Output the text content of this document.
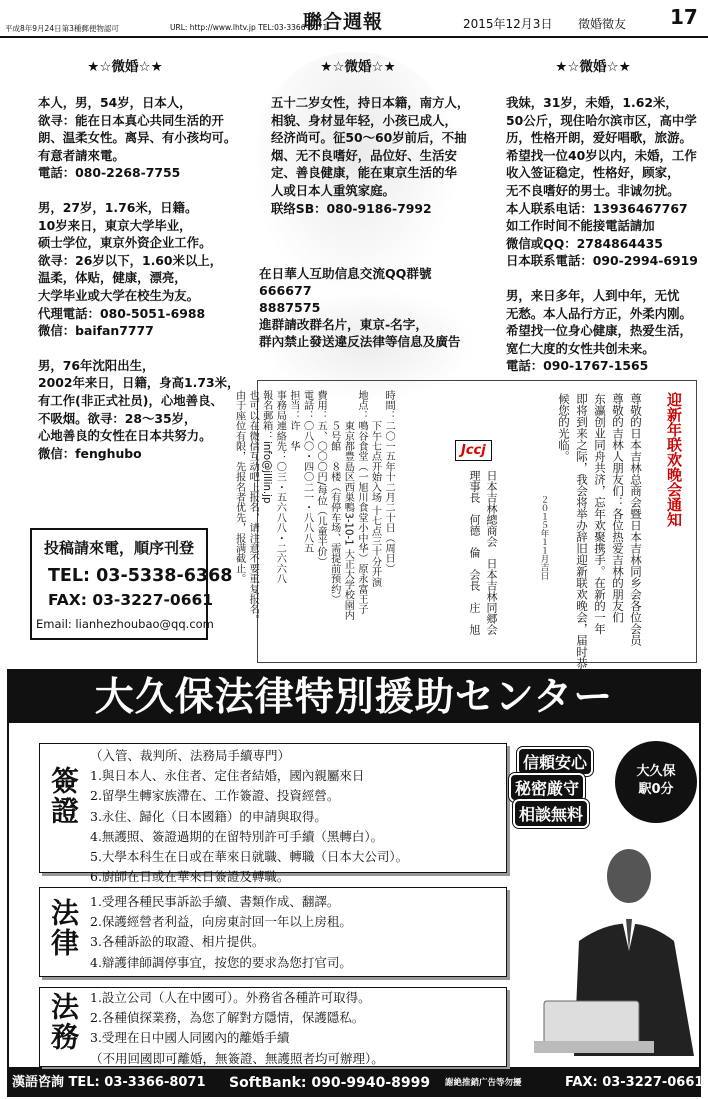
平成8年9月24日第3種郵便物認可	URL: http://www.lhtv.jp TEL:03-3366-8071
聯合週報	2015年12月3日 徵婚徵友 17
★☆微婚☆★	★☆微婚☆★	★☆微婚☆★

本人，男，54岁，日本人，
欲寻：能在日本真心共同生活的开
朗、温柔女性。离异、有小孩均可。
有意者請來電。
電話：080-2268-7755

男，27岁，1.76米，日籍。
10岁来日，東京大学毕业，
硕士学位，東京外资企业工作。
欲寻：26岁以下，1.60米以上，
温柔，体贴，健康，漂亮，
大学毕业或大学在校生为友。
代理電話：080-5051-6988
微信：baifan7777

男，76年沈阳出生，
2002年来日，日籍，身高1.73米，
有工作(非正式社员)，心地善良、
不吸烟。欲寻：28～35岁，
心地善良的女性在日本共努力。
微信：fenghubo

五十二岁女性，持日本籍，南方人，
相貌、身材显年轻，小孩已成人，
经济尚可。征50～60岁前后，不抽
烟、无不良嗜好，品位好、生活安
定、善良健康，能在東京生活的华
人或日本人重筑家庭。
联络SB：080-9186-7992

在日華人互助信息交流QQ群號
666677
8887575
進群請改群名片，東京-名字，
群內禁止發送違反法律等信息及廣告

我妹，31岁，未婚，1.62米，
50公斤，现住哈尔滨市区，高中学
历，性格开朗，爱好唱歌，旅游。
希望找一位40岁以内，未婚，工作
收入签证稳定，性格好，顾家，
无不良嗜好的男士。非诚勿扰。
本人联系电话：13936467767
如工作时间不能接電話請加
微信或QQ：2784864435
日本联系電話：090-2994-6919

男，来日多年，人到中年，无忧
无愁。本人品行方正，外柔内刚。
希望找一位身心健康，热爱生活，
宽仁大度的女性共创未来。
電話：090-1767-1565

投稿請來電，順序刊登
TEL: 03-5338-6368
FAX: 03-3227-0661
Email: lianhezhoubao@qq.com
迎新年联欢晚会通知
尊敬的日本吉林总商会暨日本吉林同乡会各位会员
尊敬的吉林人朋友们：各位热爱吉林的朋友们
东瀛创业同舟共济，忘年欢聚携手。在新的一年
即将到来之际，我会将举办辞旧迎新联欢晚会，届时恭
候您的光临。
２０１５年１１月吉日
Jccj
日本吉林總商会　日本吉林同郷会
理事長　何德　倫　会長　庄　旭
時間：二〇一五年十二月二十日（周日）
　　　下午七点开始入场 十七点三十分开演
地点：鳴谷食堂（一旭川食堂小中华）原永富王子
　　　東京都豊島区西巣鴨3-10-1 大正大学校園内
　　　５号館　８楼（有停车场、需提前预约）
費用：五、〇〇〇円/每位（儿童半价）
電話：〇八〇・四〇二一・八八八五
担当：许　华
事務局連絡先：〇三・五六八八・二六六八
報名郵箱：info@jlllin.jp
也可以在微信互动吧上报名，请注意不要重复报名。
由于座位有限，先报名者优先，报满截止。
大久保法律特別援助センター
簽證
（入管、裁判所、法務局手續専門）
1.與日本人、永住者、定住者結婚，國內親屬來日
2.留學生轉家族滯在、工作簽證、投資經營。
3.永住、歸化（日本國籍）的申請與取得。
4.無護照、簽證過期的在留特別許可手續（黑轉白）。
5.大學本科生在日或在華來日就職、轉職（日本大公司）。
6.廚師在日或在華來日簽證及轉職。
法律 1.受理各種民事訴訟手續、書類作成、翻譯。
2.保護經營者利益，向房東討回一年以上房租。
3.各種訴訟的取證、相片提供。
4.辯護律師調停事宜，按您的要求為您打官司。
法務 1.設立公司（人在中國可）。外務省各種許可取得。
2.各種偵探業務，為您了解對方隱情，保護隱私。
3.受理在日中國人同國內的離婚手續
（不用回國即可離婚，無簽證、無護照者均可辦理）。
信頼安心
秘密厳守
相談無料
大久保
駅0分
漢語咨詢 TEL: 03-3366-8071 SoftBank: 090-9940-8999 謝絶推銷广告等勿擾	FAX: 03-3227-0661
